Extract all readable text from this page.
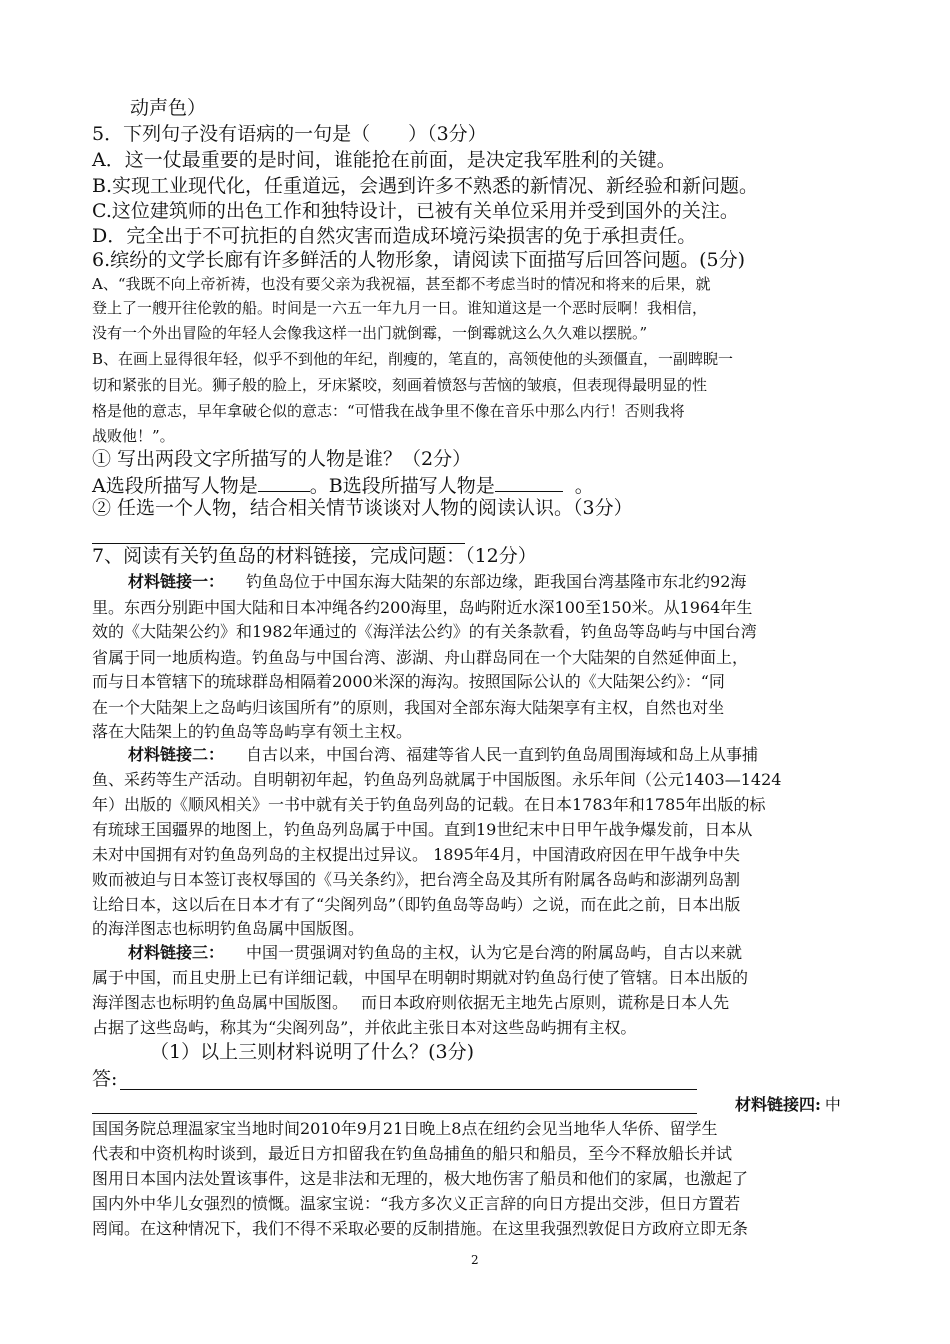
动声色）
5．下列句子没有语病的一句是（　　）（3分）
A．这一仗最重要的是时间，谁能抢在前面，是决定我军胜利的关键。
B.实现工业现代化，任重道远，会遇到许多不熟悉的新情况、新经验和新问题。
C.这位建筑师的出色工作和独特设计，已被有关单位采用并受到国外的关注。
D．完全出于不可抗拒的自然灾害而造成环境污染损害的免于承担责任。
6.缤纷的文学长廊有许多鲜活的人物形象，请阅读下面描写后回答问题。(5分)
A、“我既不向上帝祈祷，也没有要父亲为我祝福，甚至都不考虑当时的情况和将来的后果，就
登上了一艘开往伦敦的船。时间是一六五一年九月一日。谁知道这是一个恶时辰啊！我相信，
没有一个外出冒险的年轻人会像我这样一出门就倒霉，一倒霉就这么久久难以摆脱。”
B、在画上显得很年轻，似乎不到他的年纪，削瘦的，笔直的，高领使他的头颈僵直，一副睥睨一
切和紧张的目光。狮子般的脸上，牙床紧咬，刻画着愤怒与苦恼的皱痕，但表现得最明显的性
格是他的意志，早年拿破仑似的意志：“可惜我在战争里不像在音乐中那么内行！否则我将
战败他！”。
① 写出两段文字所描写的人物是谁？（2分）
A选段所描写人物是	。B选段所描写人物是	。
② 任选一个人物，结合相关情节谈谈对人物的阅读认识。（3分）
7、阅读有关钓鱼岛的材料链接，完成问题：（12分）
材料链接一： 钓鱼岛位于中国东海大陆架的东部边缘，距我国台湾基隆市东北约92海
里。东西分别距中国大陆和日本冲绳各约200海里，岛屿附近水深100至150米。从1964年生
效的《大陆架公约》和1982年通过的《海洋法公约》的有关条款看，钓鱼岛等岛屿与中国台湾
省属于同一地质构造。钓鱼岛与中国台湾、澎湖、舟山群岛同在一个大陆架的自然延伸面上，
而与日本管辖下的琉球群岛相隔着2000米深的海沟。按照国际公认的《大陆架公约》：“同
在一个大陆架上之岛屿归该国所有”的原则，我国对全部东海大陆架享有主权，自然也对坐
落在大陆架上的钓鱼岛等岛屿享有领土主权。
材料链接二： 自古以来，中国台湾、福建等省人民一直到钓鱼岛周围海域和岛上从事捕
鱼、采药等生产活动。自明朝初年起，钓鱼岛列岛就属于中国版图。永乐年间（公元1403—1424
年）出版的《顺风相关》一书中就有关于钓鱼岛列岛的记载。在日本1783年和1785年出版的标
有琉球王国疆界的地图上，钓鱼岛列岛属于中国。直到19世纪末中日甲午战争爆发前，日本从
未对中国拥有对钓鱼岛列岛的主权提出过异议。 1895年4月，中国清政府因在甲午战争中失
败而被迫与日本签订丧权辱国的《马关条约》，把台湾全岛及其所有附属各岛屿和澎湖列岛割
让给日本，这以后在日本才有了“尖阁列岛”（即钓鱼岛等岛屿）之说，而在此之前，日本出版
的海洋图志也标明钓鱼岛属中国版图。
材料链接三： 中国一贯强调对钓鱼岛的主权，认为它是台湾的附属岛屿，自古以来就
属于中国，而且史册上已有详细记载，中国早在明朝时期就对钓鱼岛行使了管辖。日本出版的
海洋图志也标明钓鱼岛属中国版图。　 而日本政府则依据无主地先占原则，谎称是日本人先
占据了这些岛屿，称其为“尖阁列岛”，并依此主张日本对这些岛屿拥有主权。
（1）以上三则材料说明了什么？(3分)
答:
材料链接四: 中
国国务院总理温家宝当地时间2010年9月21日晚上8点在纽约会见当地华人华侨、留学生
代表和中资机构时谈到，最近日方扣留我在钓鱼岛捕鱼的船只和船员，至今不释放船长并试
图用日本国内法处置该事件，这是非法和无理的，极大地伤害了船员和他们的家属，也激起了
国内外中华儿女强烈的愤慨。温家宝说：“我方多次义正言辞的向日方提出交涉，但日方置若
罔闻。在这种情况下，我们不得不采取必要的反制措施。在这里我强烈敦促日方政府立即无条
2
